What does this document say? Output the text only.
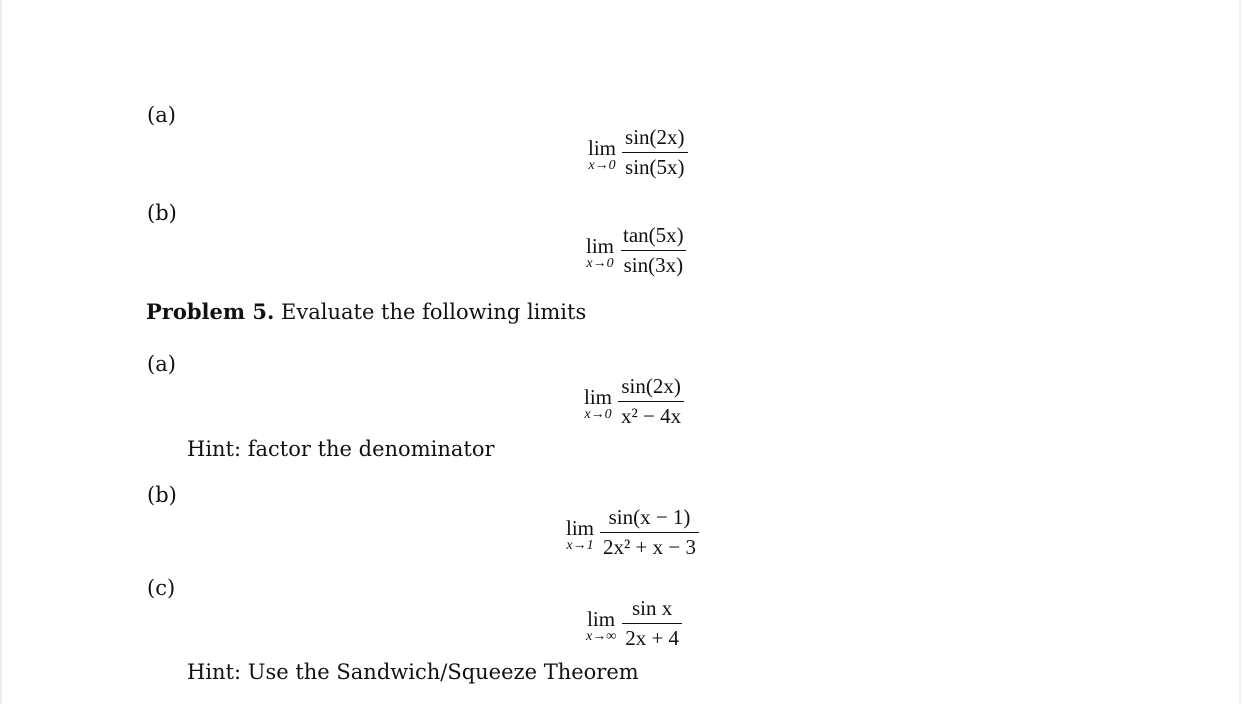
(a)
lim
$x\to 0 \frac{\sin(2x)}{\sin(5x)}$
(b)
lim
$x\to 0 \frac{\tan(5x)}{\sin(3x)}$
Problem 5. Evaluate the following limits
(a)
lim
$x\to 0 \frac{\sin(2x)}{\text{x² − 4x}}$
Hint: factor the denominator
(b)
lim
$x\to 1 \frac{\sin(x - 1)}{\text{2x² + x − 3}}$
(c)
lim
$x\to\infty \frac{\text{sin x}}{2x + 4}$
Hint: Use the Sandwich/Squeeze Theorem
